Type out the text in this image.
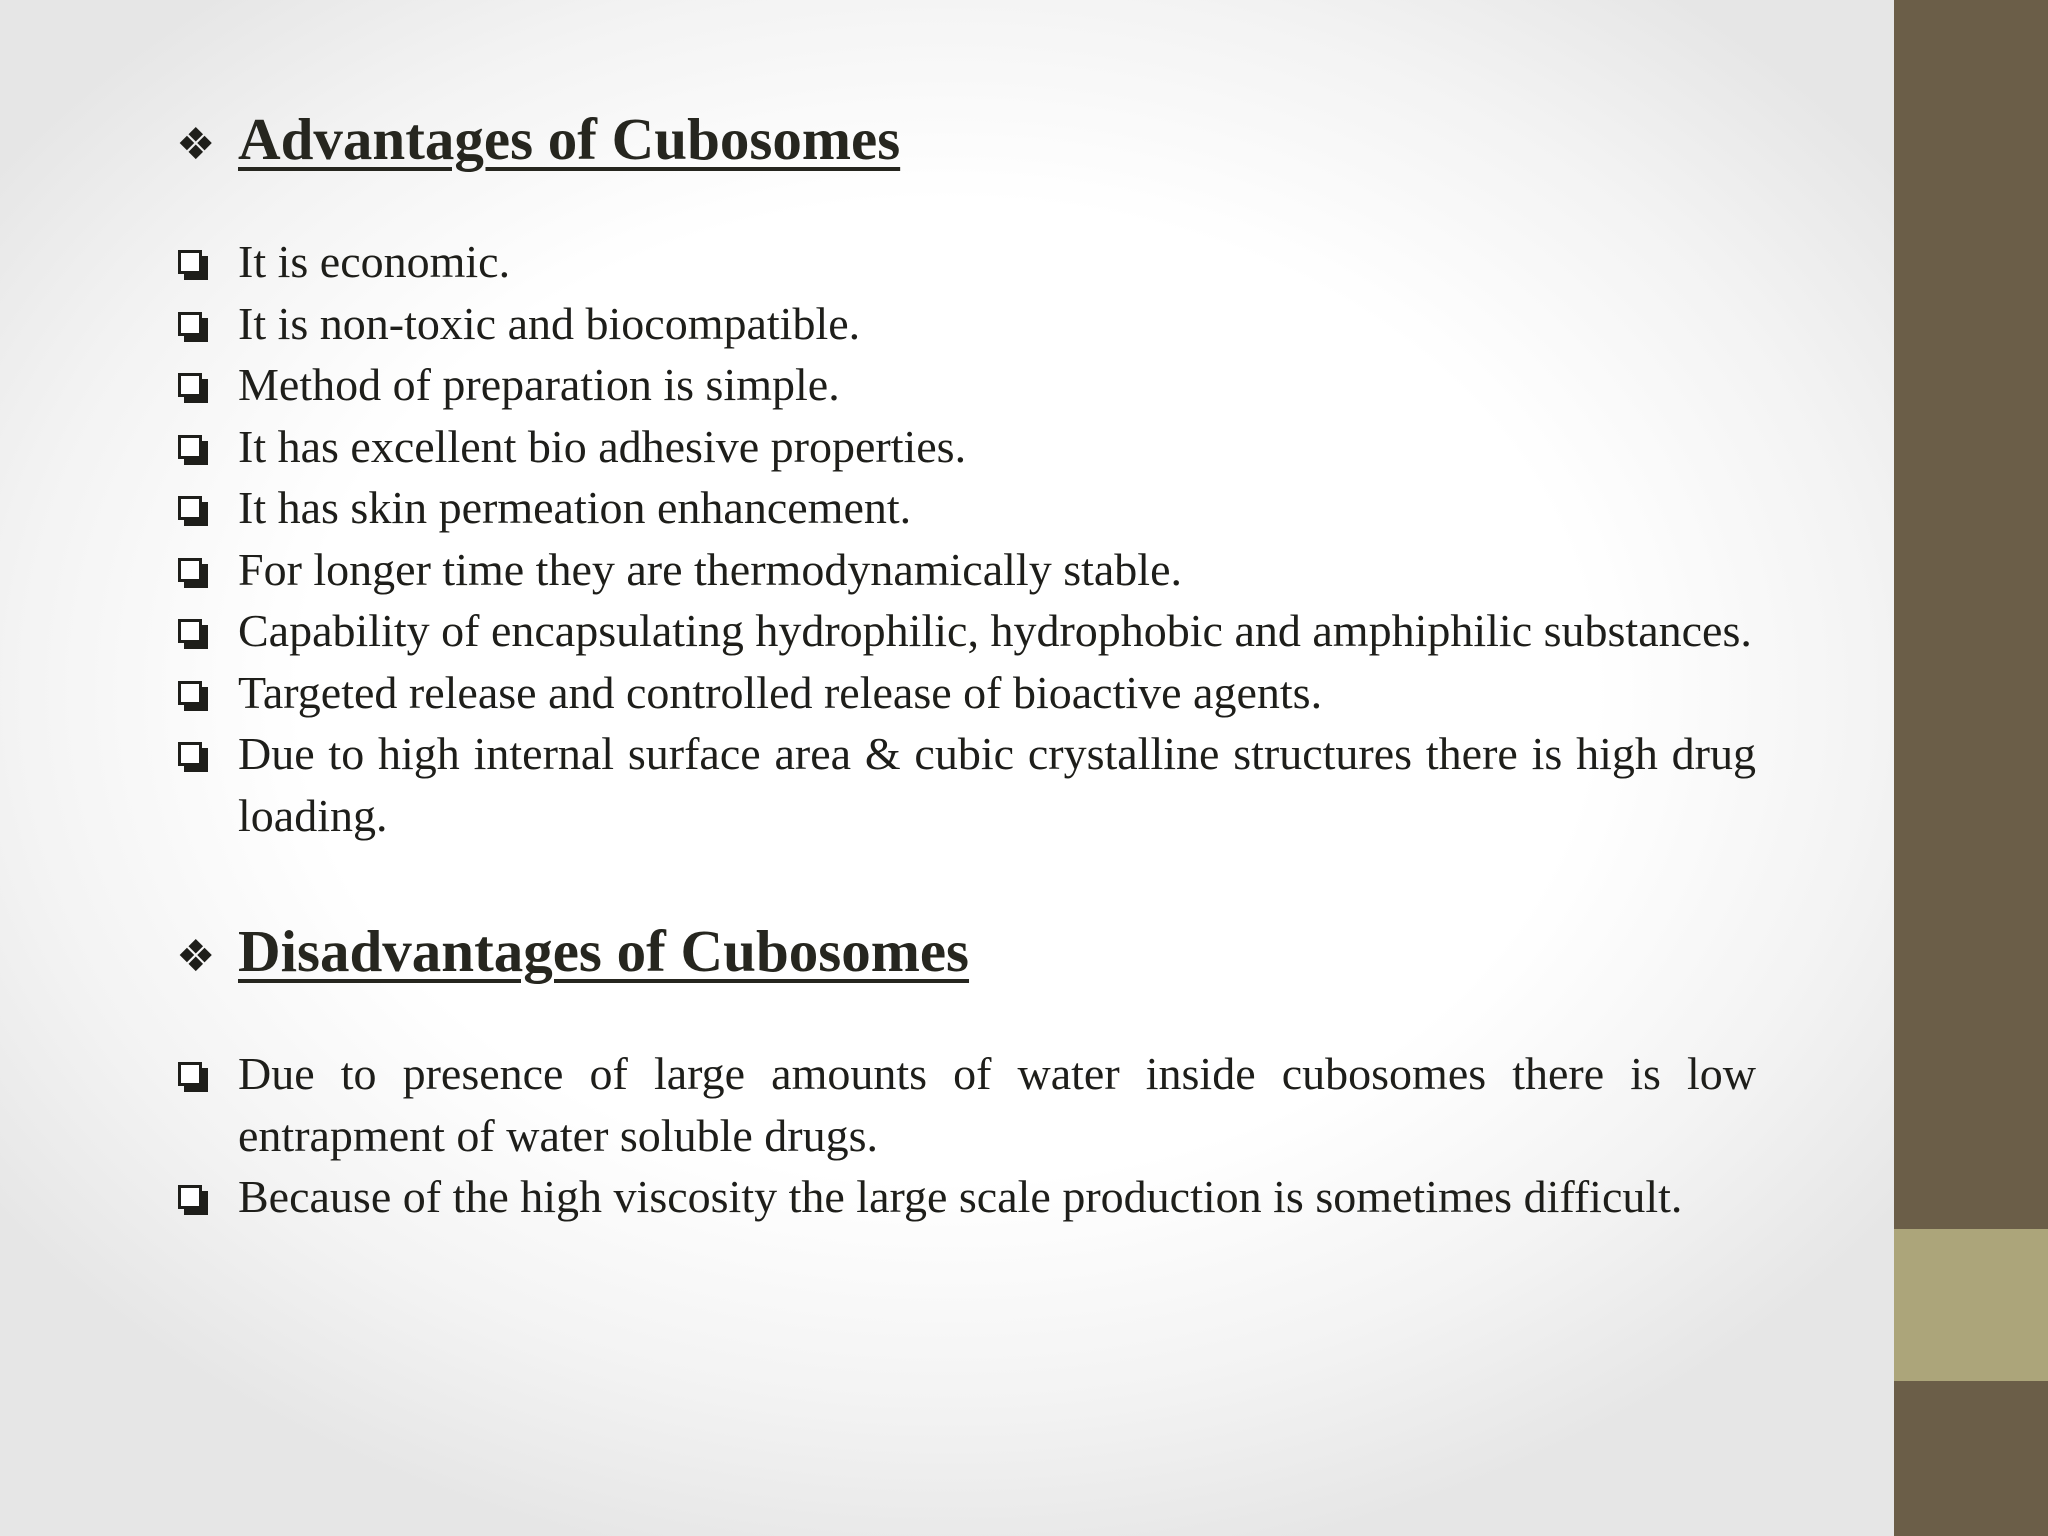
❖ Advantages of Cubosomes
It is economic.
It is non-toxic and biocompatible.
Method of preparation is simple.
It has excellent bio adhesive properties.
It has skin permeation enhancement.
For longer time they are thermodynamically stable.
Capability of encapsulating hydrophilic, hydrophobic and amphiphilic substances.
Targeted release and controlled release of bioactive agents.
Due to high internal surface area & cubic crystalline structures there is high drug loading.
❖ Disadvantages of Cubosomes
Due to presence of large amounts of water inside cubosomes there is low entrapment of water soluble drugs.
Because of the high viscosity the large scale production is sometimes difficult.
